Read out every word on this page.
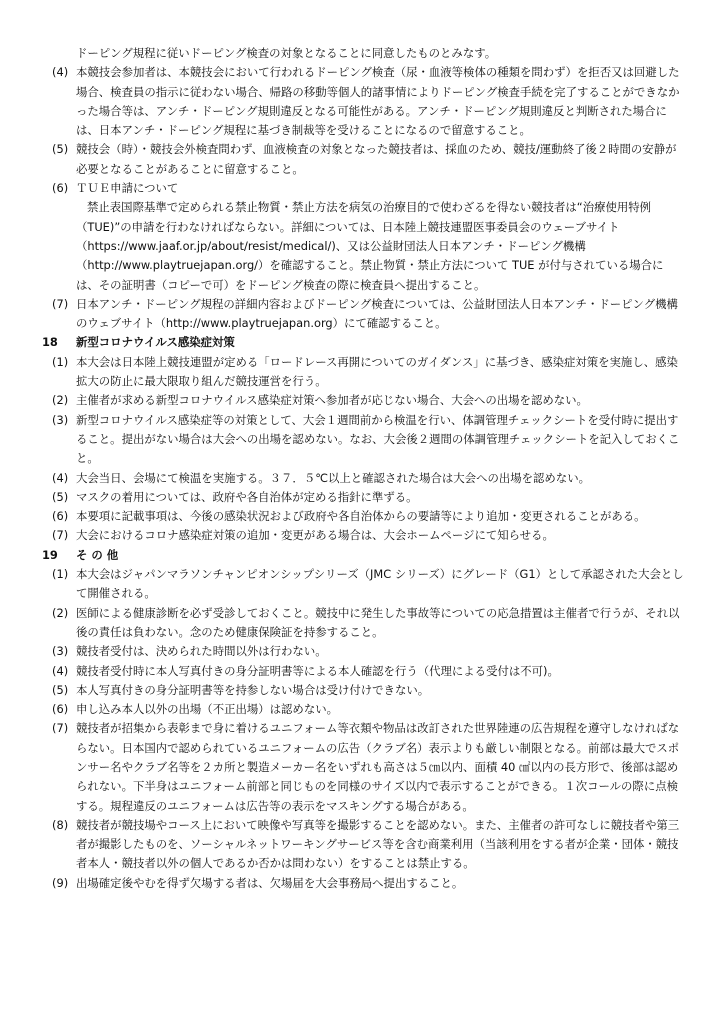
ドーピング規程に従いドーピング検査の対象となることに同意したものとみなす。

(4) 本競技会参加者は、本競技会において行われるドーピング検査（尿・血液等検体の種類を問わず）を拒否又は回避した場合、検査員の指示に従わない場合、帰路の移動等個人的諸事情によりドーピング検査手続を完了することができなかった場合等は、アンチ・ドーピング規則違反となる可能性がある。アンチ・ドーピング規則違反と判断された場合には、日本アンチ・ドーピング規程に基づき制裁等を受けることになるので留意すること。

(5) 競技会（時）・競技会外検査問わず、血液検査の対象となった競技者は、採血のため、競技/運動終了後２時間の安静が必要となることがあることに留意すること。

(6) ＴＵＥ申請について

禁止表国際基準で定められる禁止物質・禁止方法を病気の治療目的で使わざるを得ない競技者は“治療使用特例（TUE)”の申請を行わなければならない。詳細については、日本陸上競技連盟医事委員会のウェーブサイト（https://www.jaaf.or.jp/about/resist/medical/)、又は公益財団法人日本アンチ・ドーピング機構（http://www.playtruejapan.org/）を確認すること。禁止物質・禁止方法について TUE が付与されている場合には、その証明書（コピーで可）をドーピング検査の際に検査員へ提出すること。

(7) 日本アンチ・ドーピング規程の詳細内容およびドーピング検査については、公益財団法人日本アンチ・ドーピング機構のウェブサイト（http://www.playtruejapan.org）にて確認すること。

18 新型コロナウイルス感染症対策
(1) 本大会は日本陸上競技連盟が定める「ロードレース再開についてのガイダンス」に基づき、感染症対策を実施し、感染拡大の防止に最大限取り組んだ競技運営を行う。

(2) 主催者が求める新型コロナウイルス感染症対策へ参加者が応じない場合、大会への出場を認めない。

(3) 新型コロナウイルス感染症等の対策として、大会１週間前から検温を行い、体調管理チェックシートを受付時に提出すること。提出がない場合は大会への出場を認めない。なお、大会後２週間の体調管理チェックシートを記入しておくこと。

(4) 大会当日、会場にて検温を実施する。３７．５℃以上と確認された場合は大会への出場を認めない。

(5) マスクの着用については、政府や各自治体が定める指針に準ずる。

(6) 本要項に記載事項は、今後の感染状況および政府や各自治体からの要請等により追加・変更されることがある。

(7) 大会におけるコロナ感染症対策の追加・変更がある場合は、大会ホームページにて知らせる。

19 そ の 他
(1) 本大会はジャパンマラソンチャンピオンシップシリーズ（JMC シリーズ）にグレード（G1）として承認された大会として開催される。

(2) 医師による健康診断を必ず受診しておくこと。競技中に発生した事故等についての応急措置は主催者で行うが、それ以後の責任は負わない。念のため健康保険証を持参すること。

(3) 競技者受付は、決められた時間以外は行わない。

(4) 競技者受付時に本人写真付きの身分証明書等による本人確認を行う（代理による受付は不可)。

(5) 本人写真付きの身分証明書等を持参しない場合は受け付けできない。

(6) 申し込み本人以外の出場（不正出場）は認めない。

(7) 競技者が招集から表彰まで身に着けるユニフォーム等衣類や物品は改訂された世界陸連の広告規程を遵守しなければならない。日本国内で認められているユニフォームの広告（クラブ名）表示よりも厳しい制限となる。前部は最大でスポンサー名やクラブ名等を２カ所と製造メーカー名をいずれも高さは５㎝以内、面積 40 ㎠以内の長方形で、後部は認められない。下半身はユニフォーム前部と同じものを同様のサイズ以内で表示することができる。１次コールの際に点検する。規程違反のユニフォームは広告等の表示をマスキングする場合がある。

(8) 競技者が競技場やコース上において映像や写真等を撮影することを認めない。また、主催者の許可なしに競技者や第三者が撮影したものを、ソーシャルネットワーキングサービス等を含む商業利用（当該利用をする者が企業・団体・競技者本人・競技者以外の個人であるか否かは問わない）をすることは禁止する。

(9) 出場確定後やむを得ず欠場する者は、欠場届を大会事務局へ提出すること。
